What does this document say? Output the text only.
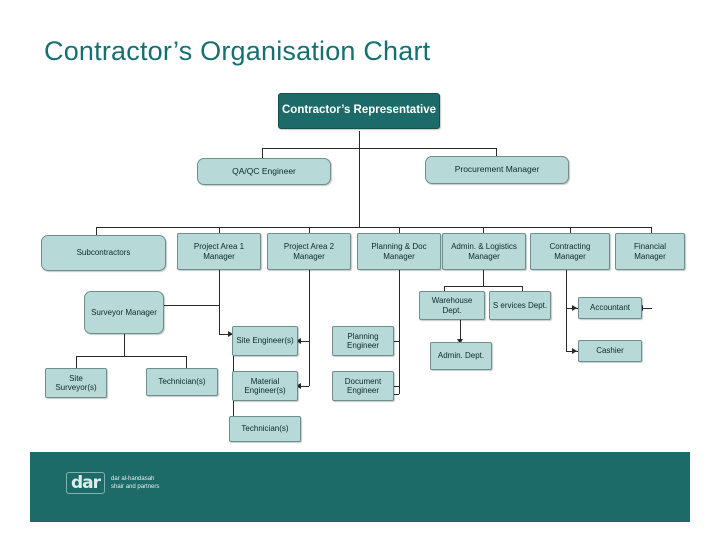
Contractor’s Organisation Chart
Contractor’s Representative
QA/QC Engineer	Procurement Manager
Subcontractors
Project Area 1 Manager
Project Area 2 Manager
Planning & Doc Manager
Admin. & Logistics Manager
Contracting Manager
Financial Manager
Surveyor Manager
Warehouse Dept.
S ervices Dept.	Accountant
Site Engineer(s)
Planning Engineer
Admin. Dept.
Cashier
Site Surveyor(s)
Technician(s)	Material Engineer(s)
Document Engineer
Technician(s)
dar	dar al-handasah
shair and partners
